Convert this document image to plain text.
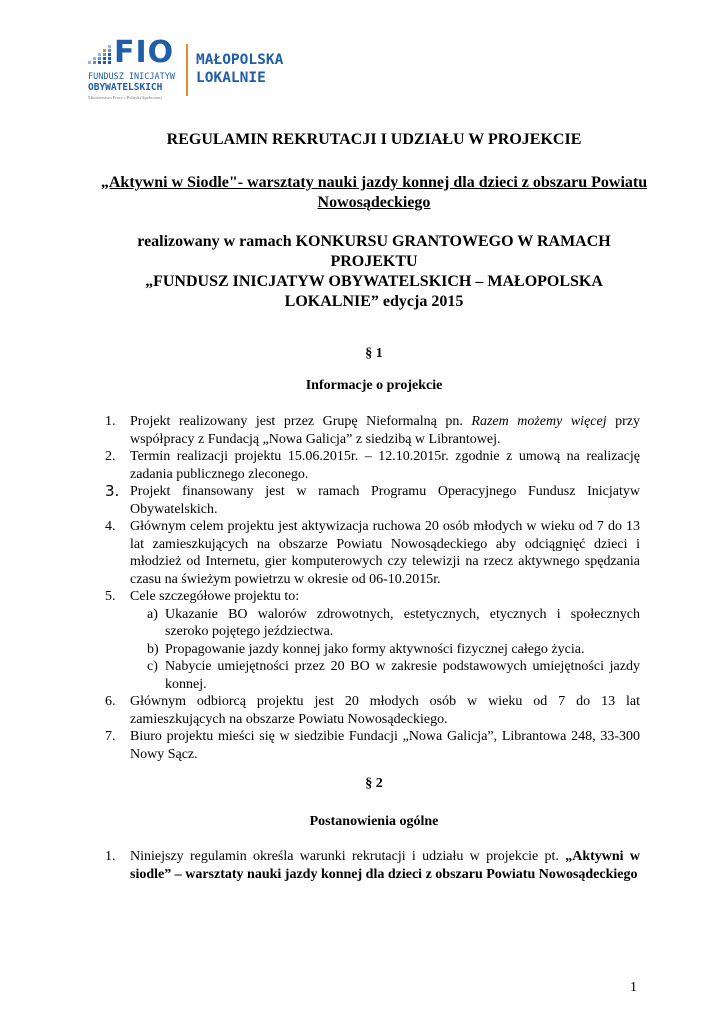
FIO
FUNDUSZ INICJATYW
OBYWATELSKICH
Ministerstwo Pracy i Polityki Społecznej
MAŁOPOLSKA
LOKALNIE
REGULAMIN REKRUTACJI I UDZIAŁU W PROJEKCIE
„Aktywni w Siodle"- warsztaty nauki jazdy konnej dla dzieci z obszaru Powiatu Nowosądeckiego
realizowany w ramach KONKURSU GRANTOWEGO W RAMACH PROJEKTU
„FUNDUSZ INICJATYW OBYWATELSKICH – MAŁOPOLSKA LOKALNIE” edycja 2015
§ 1
Informacje o projekcie
1. Projekt realizowany jest przez Grupę Nieformalną pn. Razem możemy więcej przy współpracy z Fundacją „Nowa Galicja” z siedzibą w Librantowej.
2. Termin realizacji projektu 15.06.2015r. – 12.10.2015r. zgodnie z umową na realizację zadania publicznego zleconego.
3. Projekt finansowany jest w ramach Programu Operacyjnego Fundusz Inicjatyw Obywatelskich.
4. Głównym celem projektu jest aktywizacja ruchowa 20 osób młodych w wieku od 7 do 13 lat zamieszkujących na obszarze Powiatu Nowosądeckiego aby odciągnięć dzieci i młodzież od Internetu, gier komputerowych czy telewizji na rzecz aktywnego spędzania czasu na świeżym powietrzu w okresie od 06-10.2015r.
5. Cele szczegółowe projektu to:
a) Ukazanie BO walorów zdrowotnych, estetycznych, etycznych i społecznych szeroko pojętego jeździectwa.
b) Propagowanie jazdy konnej jako formy aktywności fizycznej całego życia.
c) Nabycie umiejętności przez 20 BO w zakresie podstawowych umiejętności jazdy konnej.
6. Głównym odbiorcą projektu jest 20 młodych osób w wieku od 7 do 13 lat zamieszkujących na obszarze Powiatu Nowosądeckiego.
7. Biuro projektu mieści się w siedzibie Fundacji „Nowa Galicja”, Librantowa 248, 33-300 Nowy Sącz.
§ 2
Postanowienia ogólne
1. Niniejszy regulamin określa warunki rekrutacji i udziału w projekcie pt. „Aktywni w siodle” – warsztaty nauki jazdy konnej dla dzieci z obszaru Powiatu Nowosądeckiego
1
